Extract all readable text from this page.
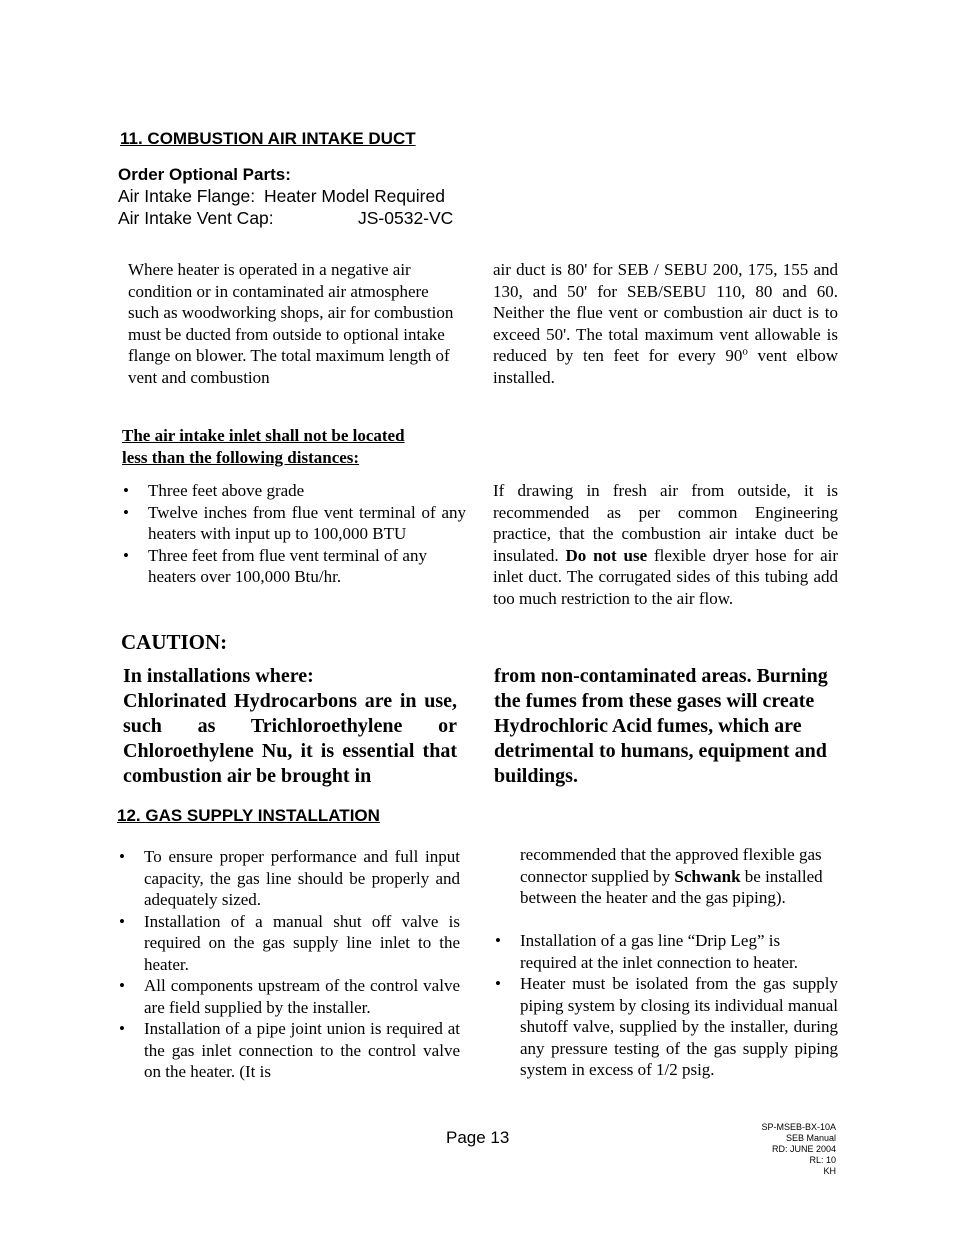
11. COMBUSTION AIR INTAKE DUCT
Order Optional Parts:
Air Intake Flange: Heater Model Required
Air Intake Vent Cap:	JS-0532-VC
Where heater is operated in a negative air condition or in contaminated air atmosphere such as woodworking shops, air for combustion must be ducted from outside to optional intake flange on blower. The total maximum length of vent and combustion
air duct is 80' for SEB / SEBU 200, 175, 155 and 130, and 50' for SEB/SEBU 110, 80 and 60. Neither the flue vent or combustion air duct is to exceed 50'. The total maximum vent allowable is reduced by ten feet for every 90$^o$ vent elbow installed.
The air intake inlet shall not be located
less than the following distances:
• Three feet above grade
• Twelve inches from flue vent terminal of any heaters with input up to 100,000 BTU
• Three feet from flue vent terminal of any heaters over 100,000 Btu/hr.
If drawing in fresh air from outside, it is recommended as per common Engineering practice, that the combustion air intake duct be insulated. Do not use flexible dryer hose for air inlet duct. The corrugated sides of this tubing add too much restriction to the air flow.
CAUTION:
In installations where:
Chlorinated Hydrocarbons are in use, such as Trichloroethylene or Chloroethylene Nu, it is essential that combustion air be brought in
from non-contaminated areas. Burning the fumes from these gases will create Hydrochloric Acid fumes, which are detrimental to humans, equipment and buildings.
12. GAS SUPPLY INSTALLATION
• To ensure proper performance and full input capacity, the gas line should be properly and adequately sized.
• Installation of a manual shut off valve is required on the gas supply line inlet to the heater.
• All components upstream of the control valve are field supplied by the installer.
• Installation of a pipe joint union is required at the gas inlet connection to the control valve on the heater. (It is
recommended that the approved flexible gas connector supplied by Schwank be installed between the heater and the gas piping).
• Installation of a gas line “Drip Leg” is required at the inlet connection to heater.
• Heater must be isolated from the gas supply piping system by closing its individual manual shutoff valve, supplied by the installer, during any pressure testing of the gas supply piping system in excess of 1/2 psig.
Page 13
SP-MSEB-BX-10A
SEB Manual
RD: JUNE 2004
RL: 10
KH
